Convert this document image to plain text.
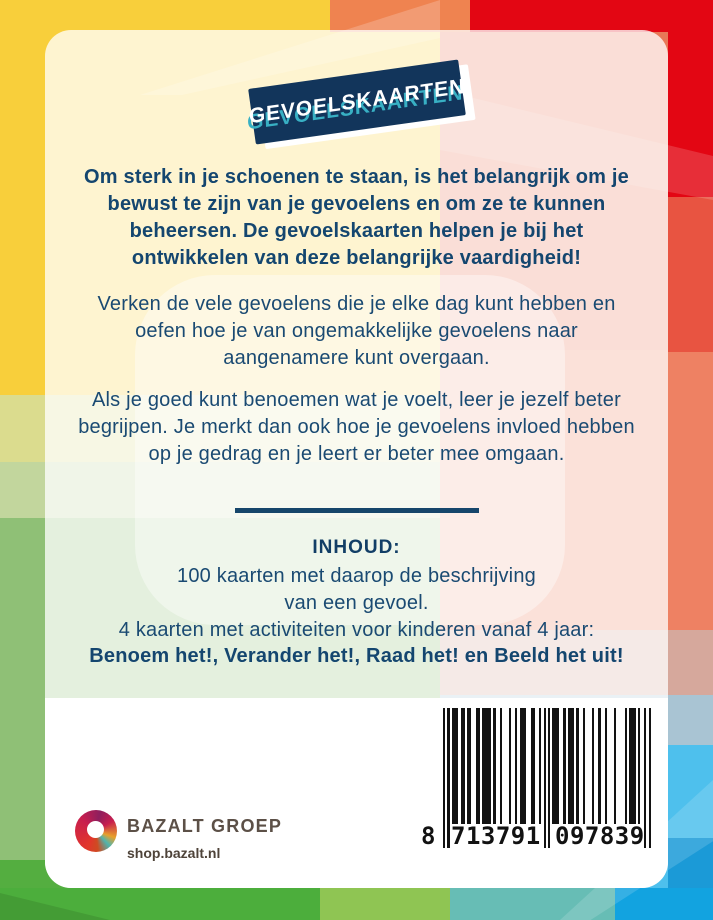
GEVOELSKAARTEN

Om sterk in je schoenen te staan, is het belangrijk om je bewust te zijn van je gevoelens en om ze te kunnen beheersen. De gevoelskaarten helpen je bij het ontwikkelen van deze belangrijke vaardigheid!

Verken de vele gevoelens die je elke dag kunt hebben en oefen hoe je van ongemakkelijke gevoelens naar aangenamere kunt overgaan.

Als je goed kunt benoemen wat je voelt, leer je jezelf beter begrijpen. Je merkt dan ook hoe je gevoelens invloed hebben op je gedrag en je leert er beter mee omgaan.

INHOUD:
100 kaarten met daarop de beschrijving
van een gevoel.
4 kaarten met activiteiten voor kinderen vanaf 4 jaar:
Benoem het!, Verander het!, Raad het! en Beeld het uit!
BAZALT GROEP
shop.bazalt.nl
8 713791 097839
